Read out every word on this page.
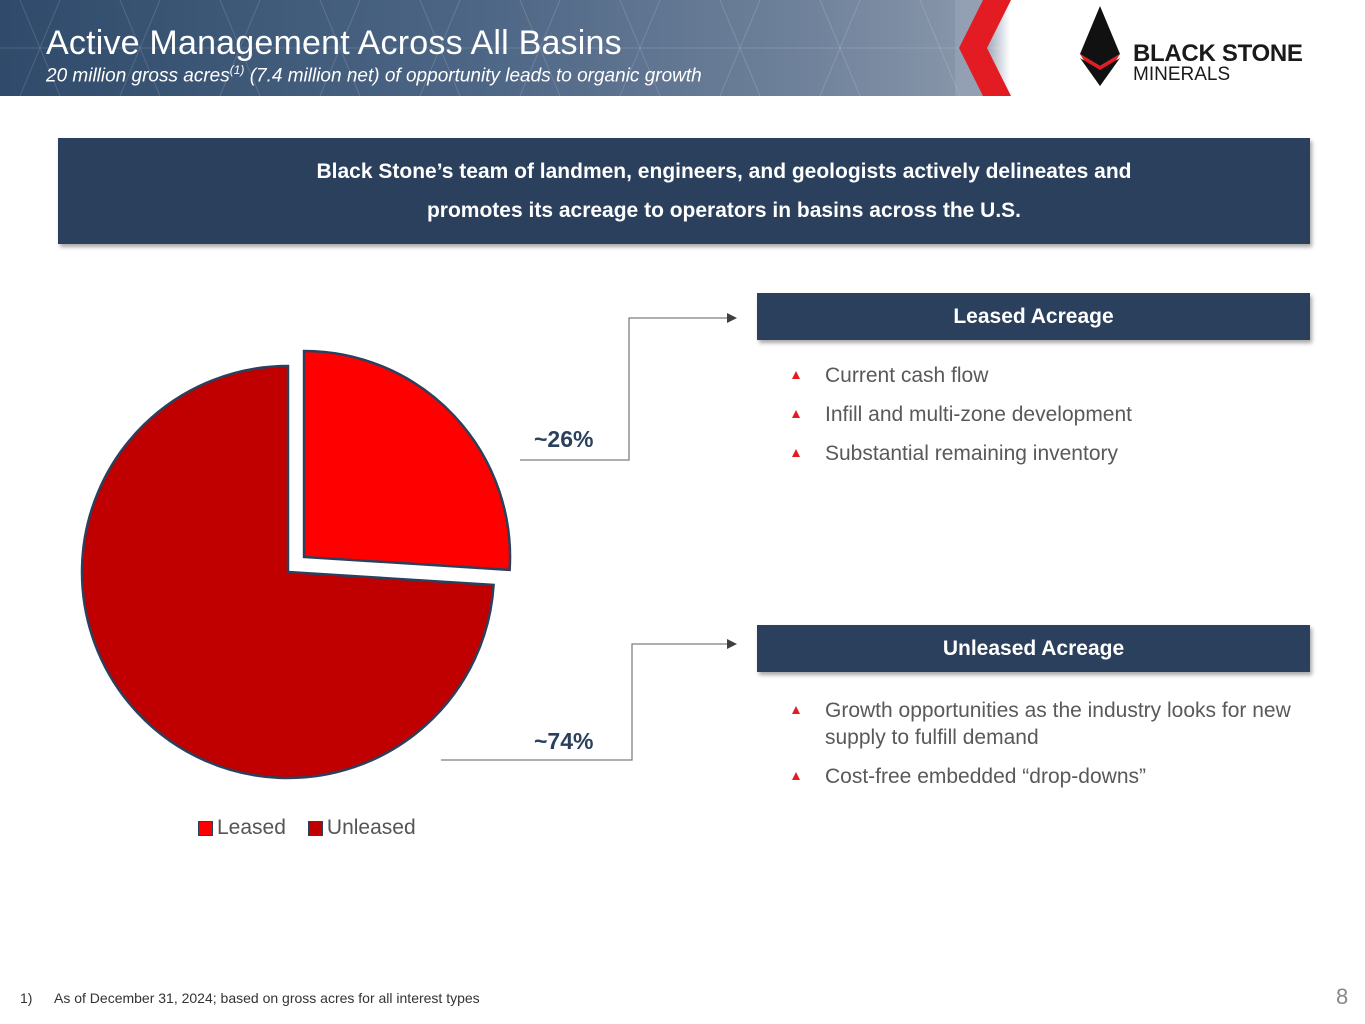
Active Management Across All Basins

20 million gross acres$^{(1)}$ (7.4 million net) of opportunity leads to organic growth

BLACK STONE
MINERALS
Black Stone’s team of landmen, engineers, and geologists actively delineates and
promotes its acreage to operators in basins across the U.S.
~26%
~74%
Leased Unleased
Leased Acreage
Current cash flow
Infill and multi-zone development
Substantial remaining inventory
Unleased Acreage
Growth opportunities as the industry looks for new supply to fulfill demand
Cost-free embedded “drop-downs”
1) As of December 31, 2024; based on gross acres for all interest types	8
